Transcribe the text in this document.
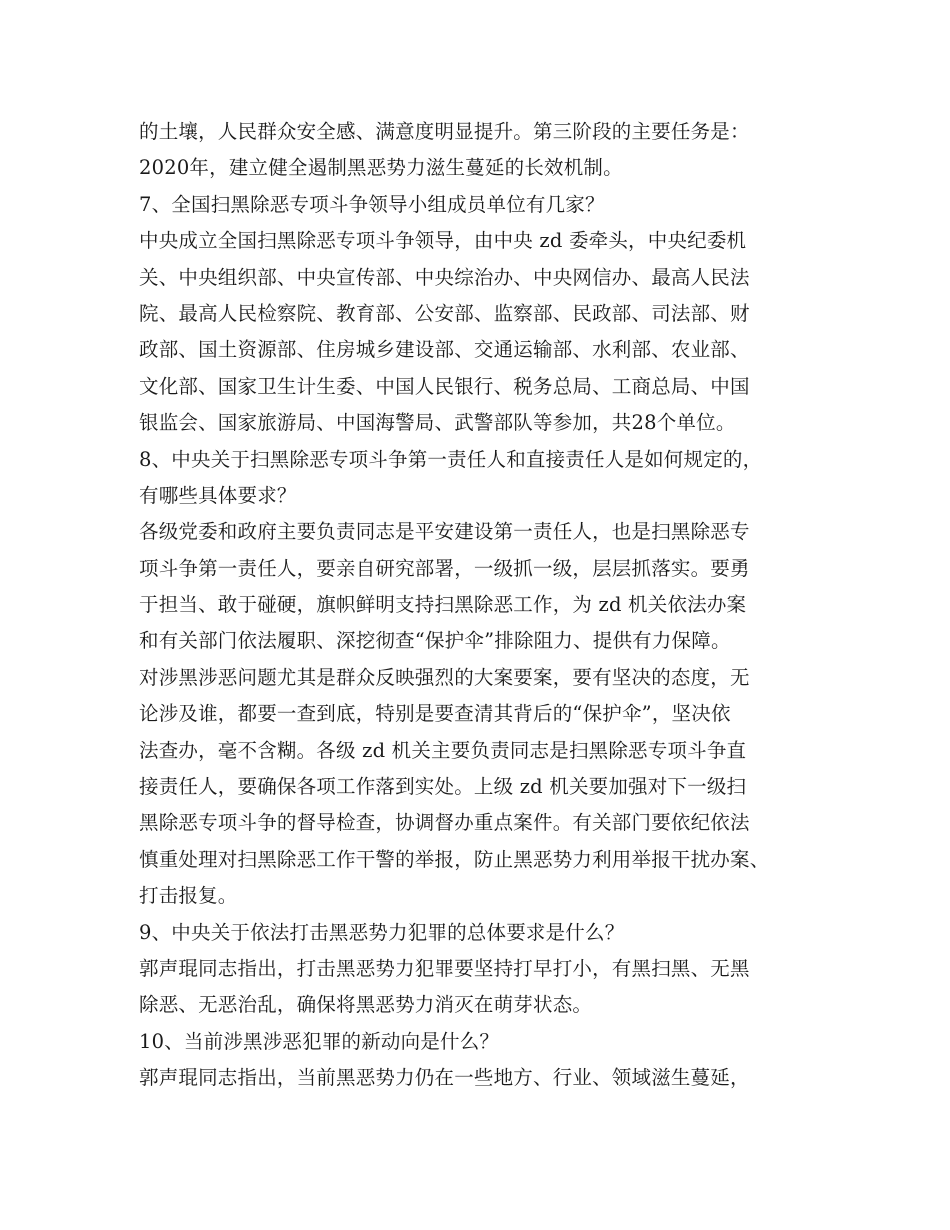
的土壤，人民群众安全感、满意度明显提升。第三阶段的主要任务是：
2020年，建立健全遏制黑恶势力滋生蔓延的长效机制。
7、全国扫黑除恶专项斗争领导小组成员单位有几家？
中央成立全国扫黑除恶专项斗争领导，由中央 zd 委牵头，中央纪委机
关、中央组织部、中央宣传部、中央综治办、中央网信办、最高人民法
院、最高人民检察院、教育部、公安部、监察部、民政部、司法部、财
政部、国土资源部、住房城乡建设部、交通运输部、水利部、农业部、
文化部、国家卫生计生委、中国人民银行、税务总局、工商总局、中国
银监会、国家旅游局、中国海警局、武警部队等参加，共28个单位。
8、中央关于扫黑除恶专项斗争第一责任人和直接责任人是如何规定的，
有哪些具体要求？
各级党委和政府主要负责同志是平安建设第一责任人，也是扫黑除恶专
项斗争第一责任人，要亲自研究部署，一级抓一级，层层抓落实。要勇
于担当、敢于碰硬，旗帜鲜明支持扫黑除恶工作，为 zd 机关依法办案
和有关部门依法履职、深挖彻查“保护伞”排除阻力、提供有力保障。
对涉黑涉恶问题尤其是群众反映强烈的大案要案，要有坚决的态度，无
论涉及谁，都要一查到底，特别是要查清其背后的“保护伞”，坚决依
法查办，毫不含糊。各级 zd 机关主要负责同志是扫黑除恶专项斗争直
接责任人，要确保各项工作落到实处。上级 zd 机关要加强对下一级扫
黑除恶专项斗争的督导检查，协调督办重点案件。有关部门要依纪依法
慎重处理对扫黑除恶工作干警的举报，防止黑恶势力利用举报干扰办案、
打击报复。
9、中央关于依法打击黑恶势力犯罪的总体要求是什么？
郭声琨同志指出，打击黑恶势力犯罪要坚持打早打小，有黑扫黑、无黑
除恶、无恶治乱，确保将黑恶势力消灭在萌芽状态。
10、当前涉黑涉恶犯罪的新动向是什么？
郭声琨同志指出，当前黑恶势力仍在一些地方、行业、领域滋生蔓延，
